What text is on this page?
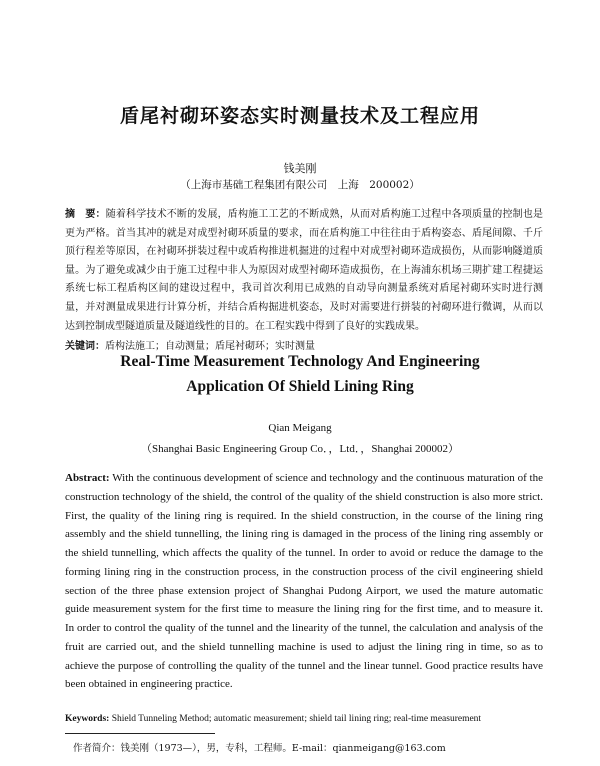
盾尾衬砌环姿态实时测量技术及工程应用
钱美刚
（上海市基础工程集团有限公司　上海　200002）
摘　要：随着科学技术不断的发展，盾构施工工艺的不断成熟，从而对盾构施工过程中各项质量的控制也是更为严格。首当其冲的就是对成型衬砌环质量的要求，而在盾构施工中往往由于盾构姿态、盾尾间隙、千斤顶行程差等原因，在衬砌环拼装过程中或盾构推进机掘进的过程中对成型衬砌环造成损伤，从而影响隧道质量。为了避免或减少由于施工过程中非人为原因对成型衬砌环造成损伤，在上海浦东机场三期扩建工程捷运系统七标工程盾构区间的建设过程中，我司首次利用已成熟的自动导向测量系统对盾尾衬砌环实时进行测量，并对测量成果进行计算分析，并结合盾构掘进机姿态，及时对需要进行拼装的衬砌环进行微调，从而以达到控制成型隧道质量及隧道线性的目的。在工程实践中得到了良好的实践成果。
关键词：盾构法施工；自动测量；盾尾衬砌环；实时测量
Real-Time Measurement Technology And Engineering
Application Of Shield Lining Ring
Qian Meigang
（Shanghai Basic Engineering Group Co．，Ltd．，Shanghai 200002）
Abstract: With the continuous development of science and technology and the continuous maturation of the construction technology of the shield, the control of the quality of the shield construction is also more strict. First, the quality of the lining ring is required. In the shield construction, in the course of the lining ring assembly and the shield tunnelling, the lining ring is damaged in the process of the lining ring assembly or the shield tunnelling, which affects the quality of the tunnel. In order to avoid or reduce the damage to the forming lining ring in the construction process, in the construction process of the civil engineering shield section of the three phase extension project of Shanghai Pudong Airport, we used the mature automatic guide measurement system for the first time to measure the lining ring for the first time, and to measure it. In order to control the quality of the tunnel and the linearity of the tunnel, the calculation and analysis of the fruit are carried out, and the shield tunnelling machine is used to adjust the lining ring in time, so as to achieve the purpose of controlling the quality of the tunnel and the linear tunnel. Good practice results have been obtained in engineering practice.
Keywords: Shield Tunneling Method; automatic measurement; shield tail lining ring; real-time measurement
作者简介：钱美刚（1973—），男，专科，工程师。E-mail：qianmeigang@163.com
